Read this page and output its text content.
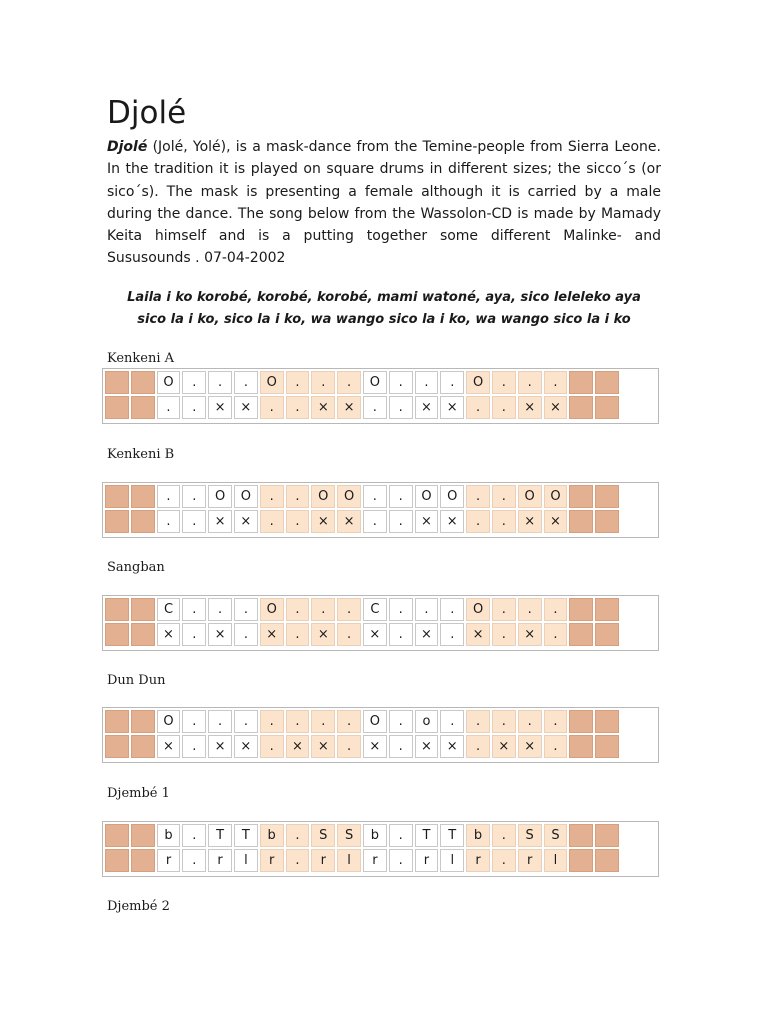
Djolé

Djolé (Jolé, Yolé), is a mask-dance from the Temine-people from Sierra Leone. In the tradition it is played on square drums in different sizes; the sicco´s (or sico´s). The mask is presenting a female although it is carried by a male during the dance. The song below from the Wassolon-CD is made by Mamady Keita himself and is a putting together some different Malinke- and Sususounds . 07-04-2002

Laila i ko korobé, korobé, korobé, mami watoné, aya, sico leleleko aya
sico la i ko, sico la i ko, wa wango sico la i ko, wa wango sico la i ko
Kenkeni A
		O	.	.	.	O	.	.	.	O	.	.	.	O	.	.	.		
		.	.	×	×	.	.	×	×	.	.	×	×	.	.	×	×		
Kenkeni B
		.	.	O	O	.	.	O	O	.	.	O	O	.	.	O	O		
		.	.	×	×	.	.	×	×	.	.	×	×	.	.	×	×		
Sangban
		C	.	.	.	O	.	.	.	C	.	.	.	O	.	.	.		
		×	.	×	.	×	.	×	.	×	.	×	.	×	.	×	.		
Dun Dun
		O	.	.	.	.	.	.	.	O	.	o	.	.	.	.	.		
		×	.	×	×	.	×	×	.	×	.	×	×	.	×	×	.		
Djembé 1
		b	.	T	T	b	.	S	S	b	.	T	T	b	.	S	S		
		r	.	r	l	r	.	r	l	r	.	r	l	r	.	r	l		
Djembé 2
